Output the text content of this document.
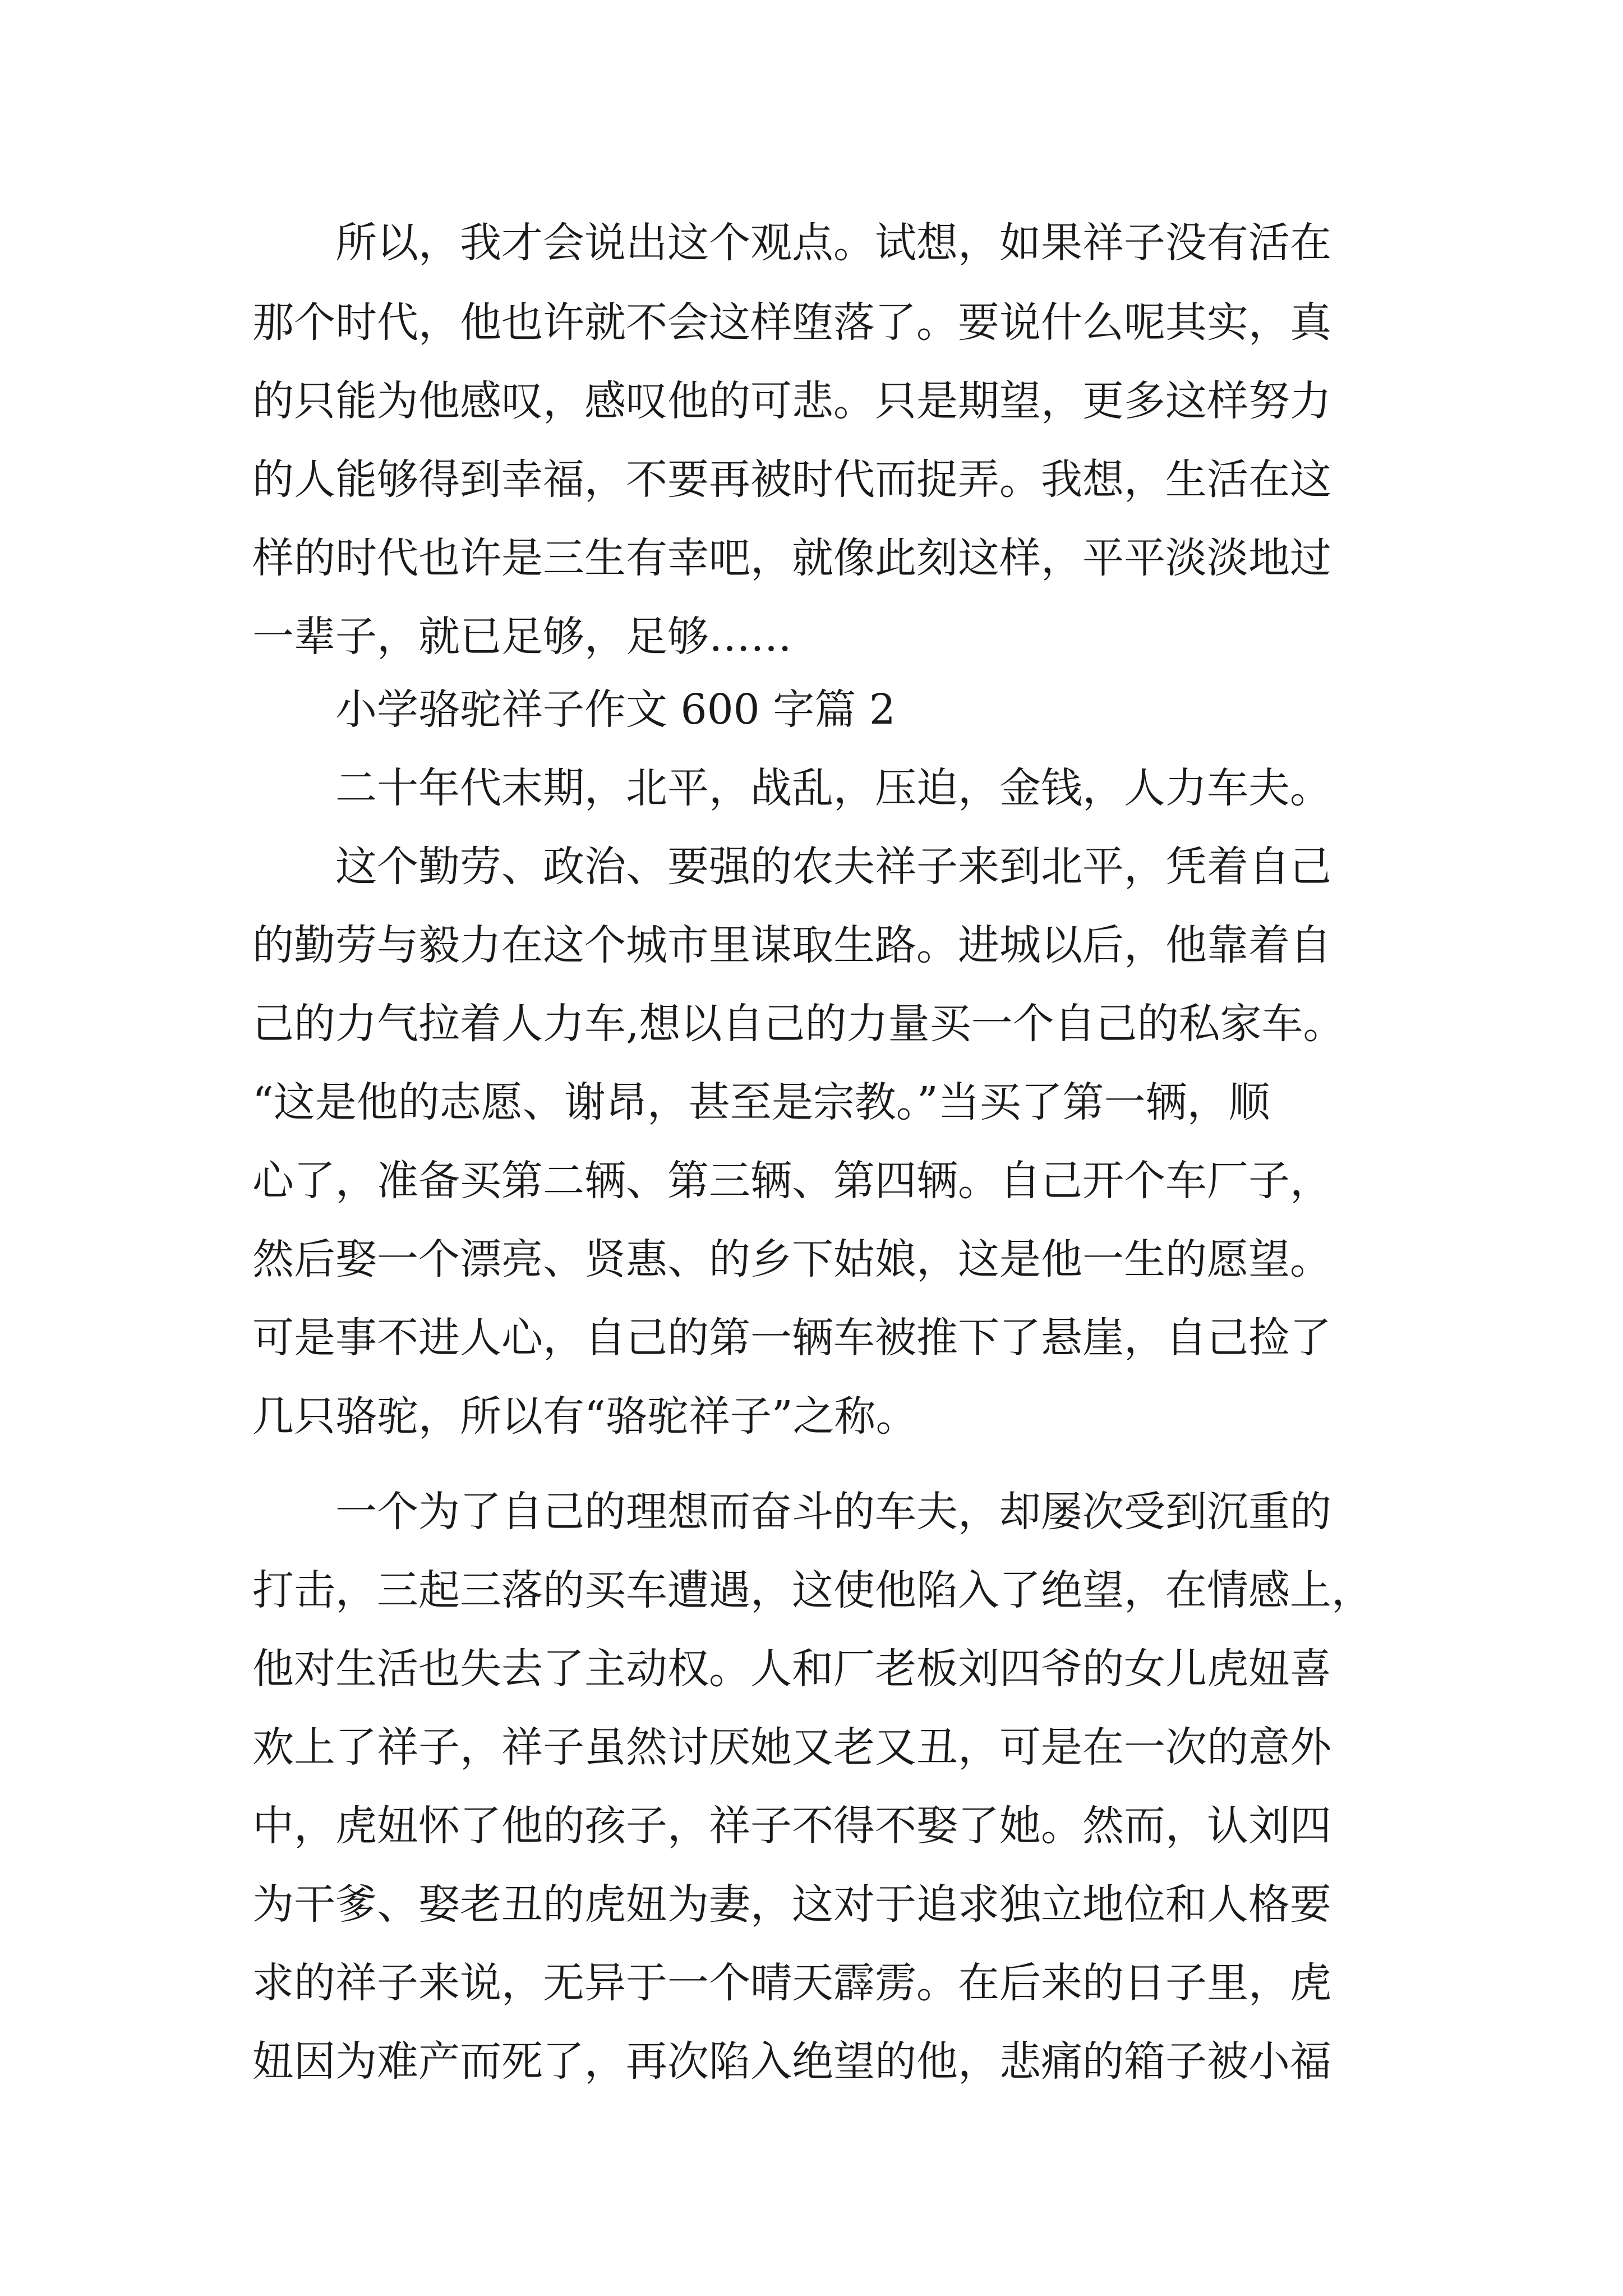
　　所以，我才会说出这个观点。试想，如果祥子没有活在

那个时代，他也许就不会这样堕落了。要说什么呢其实，真

的只能为他感叹，感叹他的可悲。只是期望，更多这样努力

的人能够得到幸福，不要再被时代而捉弄。我想，生活在这

样的时代也许是三生有幸吧，就像此刻这样，平平淡淡地过

一辈子，就已足够，足够……

　　小学骆驼祥子作文 600 字篇 2

　　二十年代末期，北平，战乱，压迫，金钱，人力车夫。

　　这个勤劳、政治、要强的农夫祥子来到北平，凭着自己

的勤劳与毅力在这个城市里谋取生路。进城以后，他靠着自

己的力气拉着人力车,想以自己的力量买一个自己的私家车。

“这是他的志愿、谢昂，甚至是宗教。”当买了第一辆，顺

心了，准备买第二辆、第三辆、第四辆。自己开个车厂子，

然后娶一个漂亮、贤惠、的乡下姑娘，这是他一生的愿望。

可是事不进人心，自己的第一辆车被推下了悬崖，自己捡了

几只骆驼，所以有“骆驼祥子”之称。

　　一个为了自己的理想而奋斗的车夫，却屡次受到沉重的

打击，三起三落的买车遭遇，这使他陷入了绝望，在情感上，

他对生活也失去了主动权。人和厂老板刘四爷的女儿虎妞喜

欢上了祥子，祥子虽然讨厌她又老又丑，可是在一次的意外

中，虎妞怀了他的孩子，祥子不得不娶了她。然而，认刘四

为干爹、娶老丑的虎妞为妻，这对于追求独立地位和人格要

求的祥子来说，无异于一个晴天霹雳。在后来的日子里，虎

妞因为难产而死了，再次陷入绝望的他，悲痛的箱子被小福
